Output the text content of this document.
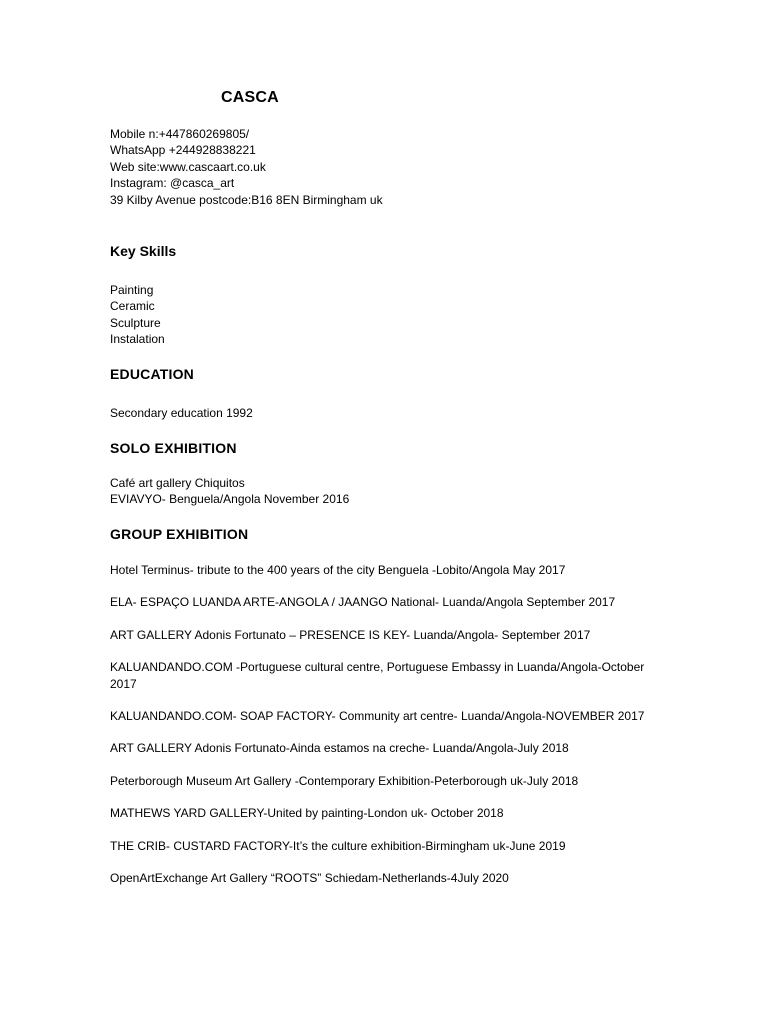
CASCA
Mobile n:+447860269805/
WhatsApp +244928838221
Web site:www.cascaart.co.uk
Instagram: @casca_art
39 Kilby Avenue postcode:B16 8EN Birmingham uk
Key Skills
Painting
Ceramic
Sculpture
Instalation
EDUCATION
Secondary education 1992
SOLO EXHIBITION
Café art gallery Chiquitos
EVIAVYO- Benguela/Angola November 2016
GROUP EXHIBITION
Hotel Terminus- tribute to the 400 years of the city Benguela -Lobito/Angola May 2017
ELA- ESPAÇO LUANDA ARTE-ANGOLA / JAANGO National- Luanda/Angola September 2017
ART GALLERY Adonis Fortunato – PRESENCE IS KEY- Luanda/Angola- September 2017
KALUANDANDO.COM -Portuguese cultural centre, Portuguese Embassy in Luanda/Angola-October 2017
KALUANDANDO.COM- SOAP FACTORY- Community art centre- Luanda/Angola-NOVEMBER 2017
ART GALLERY Adonis Fortunato-Ainda estamos na creche- Luanda/Angola-July 2018
Peterborough Museum Art Gallery -Contemporary Exhibition-Peterborough uk-July 2018
MATHEWS YARD GALLERY-United by painting-London uk- October 2018
THE CRIB- CUSTARD FACTORY-It’s the culture exhibition-Birmingham uk-June 2019
OpenArtExchange Art Gallery “ROOTS” Schiedam-Netherlands-4July 2020
